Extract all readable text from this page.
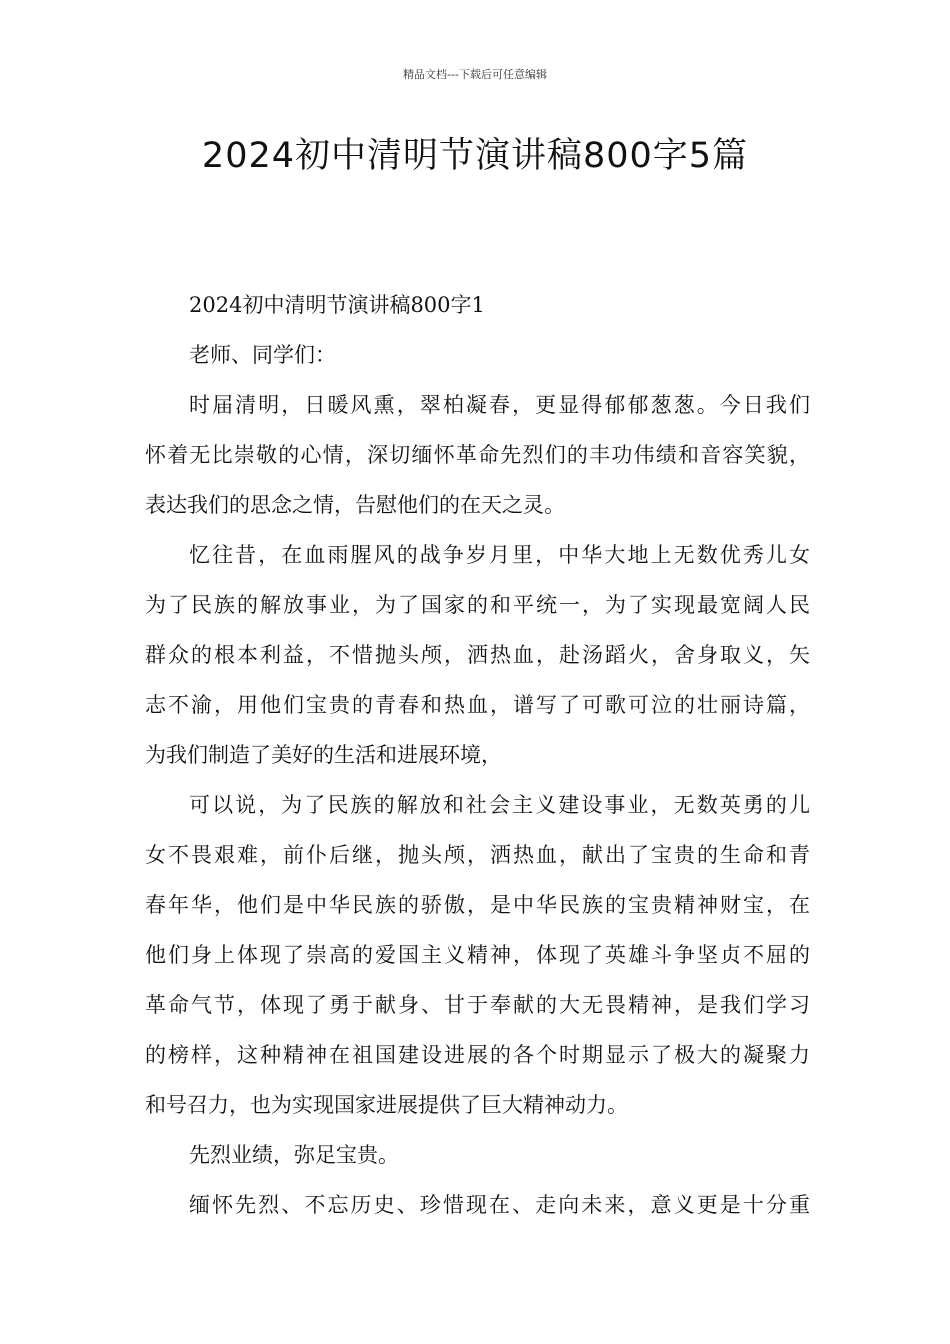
精品文档---下载后可任意编辑
2024初中清明节演讲稿800字5篇
2024初中清明节演讲稿800字1
老师、同学们：
时届清明，日暖风熏，翠柏凝春，更显得郁郁葱葱。今日我们
怀着无比崇敬的心情，深切缅怀革命先烈们的丰功伟绩和音容笑貌，
表达我们的思念之情，告慰他们的在天之灵。
忆往昔，在血雨腥风的战争岁月里，中华大地上无数优秀儿女
为了民族的解放事业，为了国家的和平统一，为了实现最宽阔人民
群众的根本利益，不惜抛头颅，洒热血，赴汤蹈火，舍身取义，矢
志不渝，用他们宝贵的青春和热血，谱写了可歌可泣的壮丽诗篇，
为我们制造了美好的生活和进展环境，
可以说，为了民族的解放和社会主义建设事业，无数英勇的儿
女不畏艰难，前仆后继，抛头颅，洒热血，献出了宝贵的生命和青
春年华，他们是中华民族的骄傲，是中华民族的宝贵精神财宝，在
他们身上体现了崇高的爱国主义精神，体现了英雄斗争坚贞不屈的
革命气节，体现了勇于献身、甘于奉献的大无畏精神，是我们学习
的榜样，这种精神在祖国建设进展的各个时期显示了极大的凝聚力
和号召力，也为实现国家进展提供了巨大精神动力。
先烈业绩，弥足宝贵。
缅怀先烈、不忘历史、珍惜现在、走向未来，意义更是十分重
